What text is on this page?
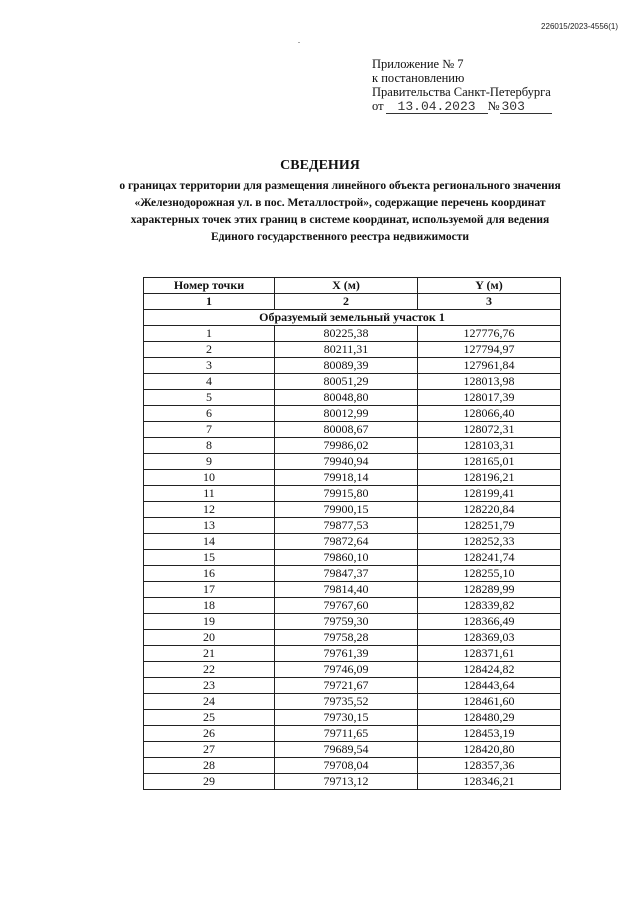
226015/2023-4556(1)
.
Приложение № 7
к постановлению
Правительства Санкт-Петербурга
от 13.04.2023 № 303
СВЕДЕНИЯ
о границах территории для размещения линейного объекта регионального значения
«Железнодорожная ул. в пос. Металлострой», содержащие перечень координат
характерных точек этих границ в системе координат, используемой для ведения
Единого государственного реестра недвижимости
Номер точки	X (м)	Y (м)
1	2	3
Образуемый земельный участок 1		
1	80225,38	127776,76
2	80211,31	127794,97
3	80089,39	127961,84
4	80051,29	128013,98
5	80048,80	128017,39
6	80012,99	128066,40
7	80008,67	128072,31
8	79986,02	128103,31
9	79940,94	128165,01
10	79918,14	128196,21
11	79915,80	128199,41
12	79900,15	128220,84
13	79877,53	128251,79
14	79872,64	128252,33
15	79860,10	128241,74
16	79847,37	128255,10
17	79814,40	128289,99
18	79767,60	128339,82
19	79759,30	128366,49
20	79758,28	128369,03
21	79761,39	128371,61
22	79746,09	128424,82
23	79721,67	128443,64
24	79735,52	128461,60
25	79730,15	128480,29
26	79711,65	128453,19
27	79689,54	128420,80
28	79708,04	128357,36
29	79713,12	128346,21
